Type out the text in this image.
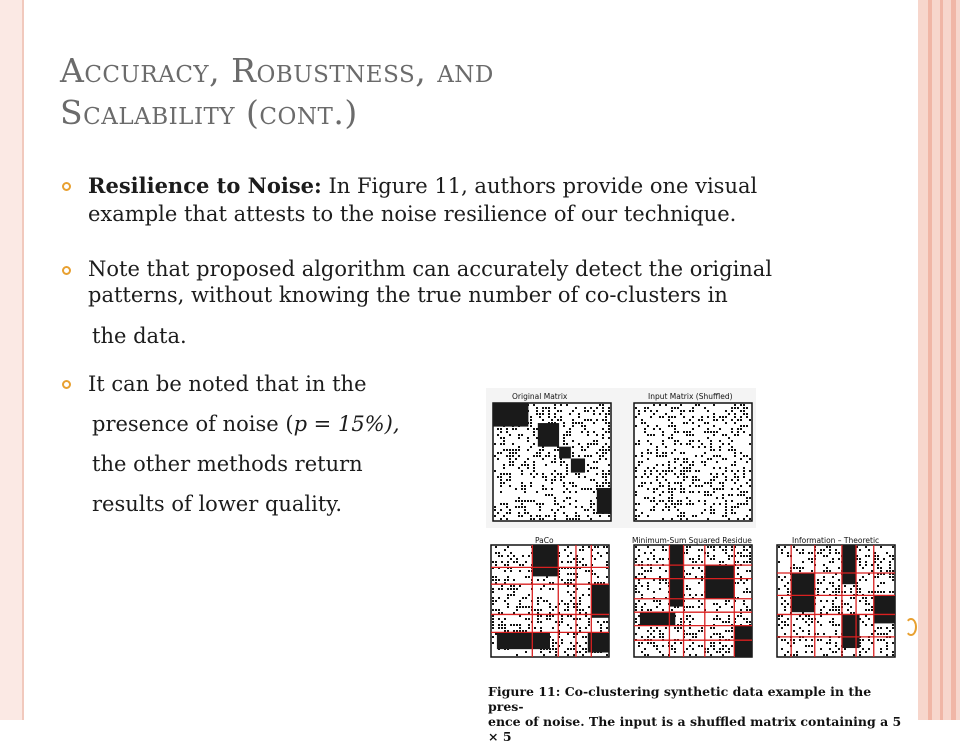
Accuracy, Robustness, and
Scalability (cont.)
Resilience to Noise: In Figure 11, authors provide one visual example that attests to the noise resilience of our technique.
Note that proposed algorithm can accurately detect the original patterns, without knowing the true number of co-clusters in
the data.
It can be noted that in the
presence of noise (p = 15%),
the other methods return
results of lower quality.
Original Matrix	Input Matrix (Shuffled)
PaCo	Minimum-Sum Squared Residue	Information – Theoretic
Figure 11: Co-clustering synthetic data example in the pres-
ence of noise. The input is a shuffled matrix containing a 5 × 5
